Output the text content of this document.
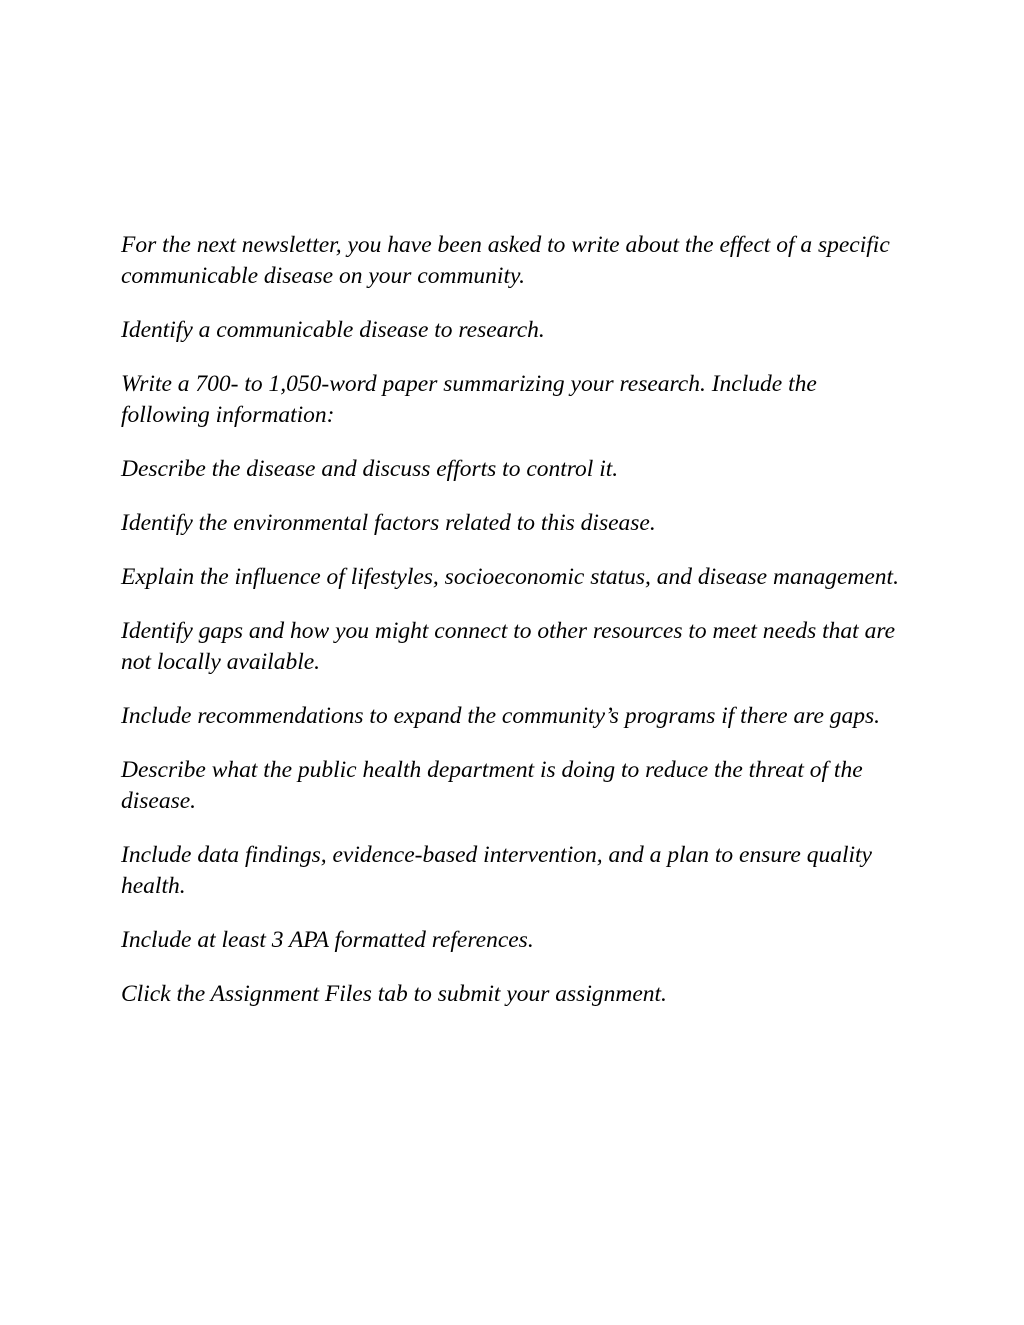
For the next newsletter, you have been asked to write about the effect of a specific communicable disease on your community.

Identify a communicable disease to research.

Write a 700- to 1,050-word paper summarizing your research. Include the following information:

Describe the disease and discuss efforts to control it.

Identify the environmental factors related to this disease.

Explain the influence of lifestyles, socioeconomic status, and disease management.

Identify gaps and how you might connect to other resources to meet needs that are not locally available.

Include recommendations to expand the community’s programs if there are gaps.

Describe what the public health department is doing to reduce the threat of the disease.

Include data findings, evidence-based intervention, and a plan to ensure quality health.

Include at least 3 APA formatted references.

Click the Assignment Files tab to submit your assignment.
